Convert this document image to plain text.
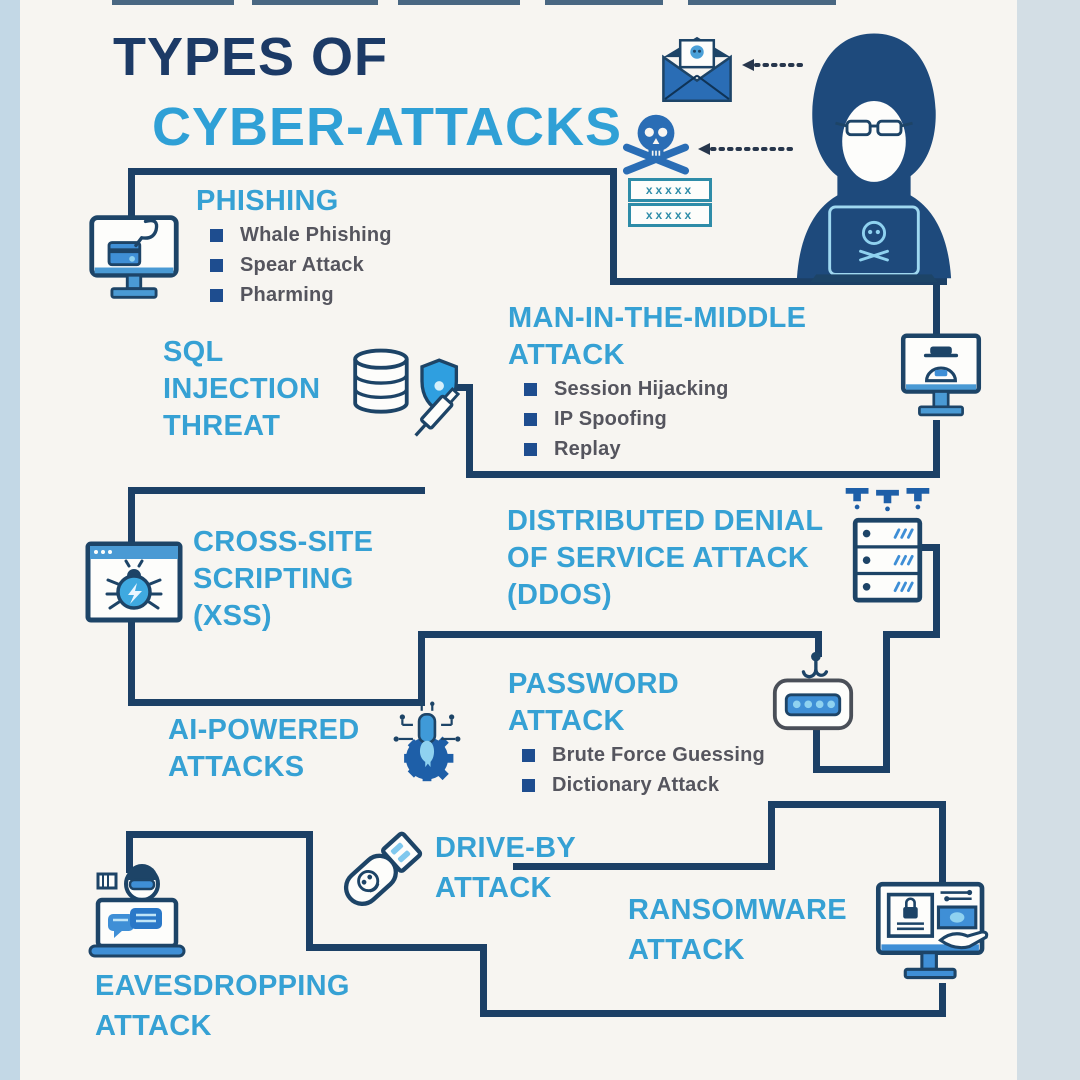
TYPES OF
CYBER-ATTACKS
xxxxx
xxxxx
PHISHING
Whale Phishing
Spear Attack
Pharming
MAN-IN-THE-MIDDLE
ATTACK
Session Hijacking
IP Spoofing
Replay
SQL
INJECTION
THREAT
CROSS-SITE
SCRIPTING
(XSS)
DISTRIBUTED DENIAL
OF SERVICE ATTACK
(DDOS)
PASSWORD
ATTACK
Brute Force Guessing
Dictionary Attack
AI-POWERED
ATTACKS
DRIVE-BY
ATTACK
RANSOMWARE
ATTACK
EAVESDROPPING
ATTACK
